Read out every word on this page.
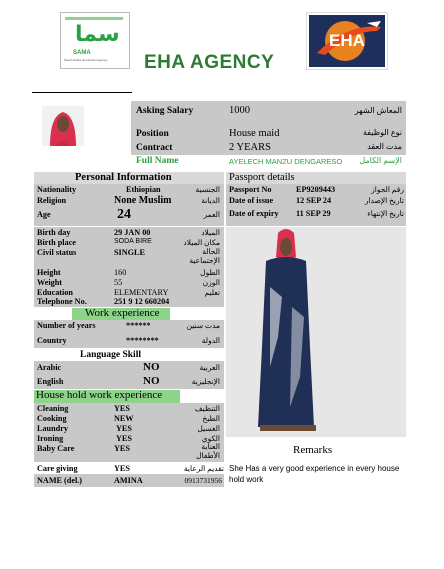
سما
SAMA
Saudi Arabia recruitment agency	EHA AGENCY
EHA
Asking Salary	1000	المعاش الشهر
Position	House maid	نوع الوظيفة
Contract	2 YEARS	مدت العقد
Full Name	AYELECH MANZU DENGARESO	الإسم الكامل
Personal Information	Passport details
Nationality	Ethiopian	الجنسية
Religion	None Muslim	الديانة
Age	24	العمر
Passport No	EP9209443	رقم الجواز
Date of issue	12 SEP 24	تاريخ الإصدار
Date of expiry 11 SEP 29	تاريخ الإنتهاء
Birth day	29 JAN 00	الميلاد
Birth place	SODA BIRE	مكان الميلاد
Civil status	SINGLE	الحالة الإجتماعية
Height	160	الطول
Weight	55	الوزن
Education	ELEMENTARY	تعليم
Telephone No.	251 9 12 660204
Work experience
Number of years	******	مدت سنين
Country	********	الدولة
Language Skill
Arabic	NO	العربية
English	NO	الإنجليزية
House hold work experience
Cleaning	YES	التنظيف
Cooking	NEW	الطبخ
Laundry	YES	الغسيل
Ironing	YES	الكوي
Baby Care	YES	العناية الأطفال
Care giving	YES	تقديم الرعاية
NAME (del.)	AMINA	0913731956
Remarks
She Has a very good experience in every house hold work
